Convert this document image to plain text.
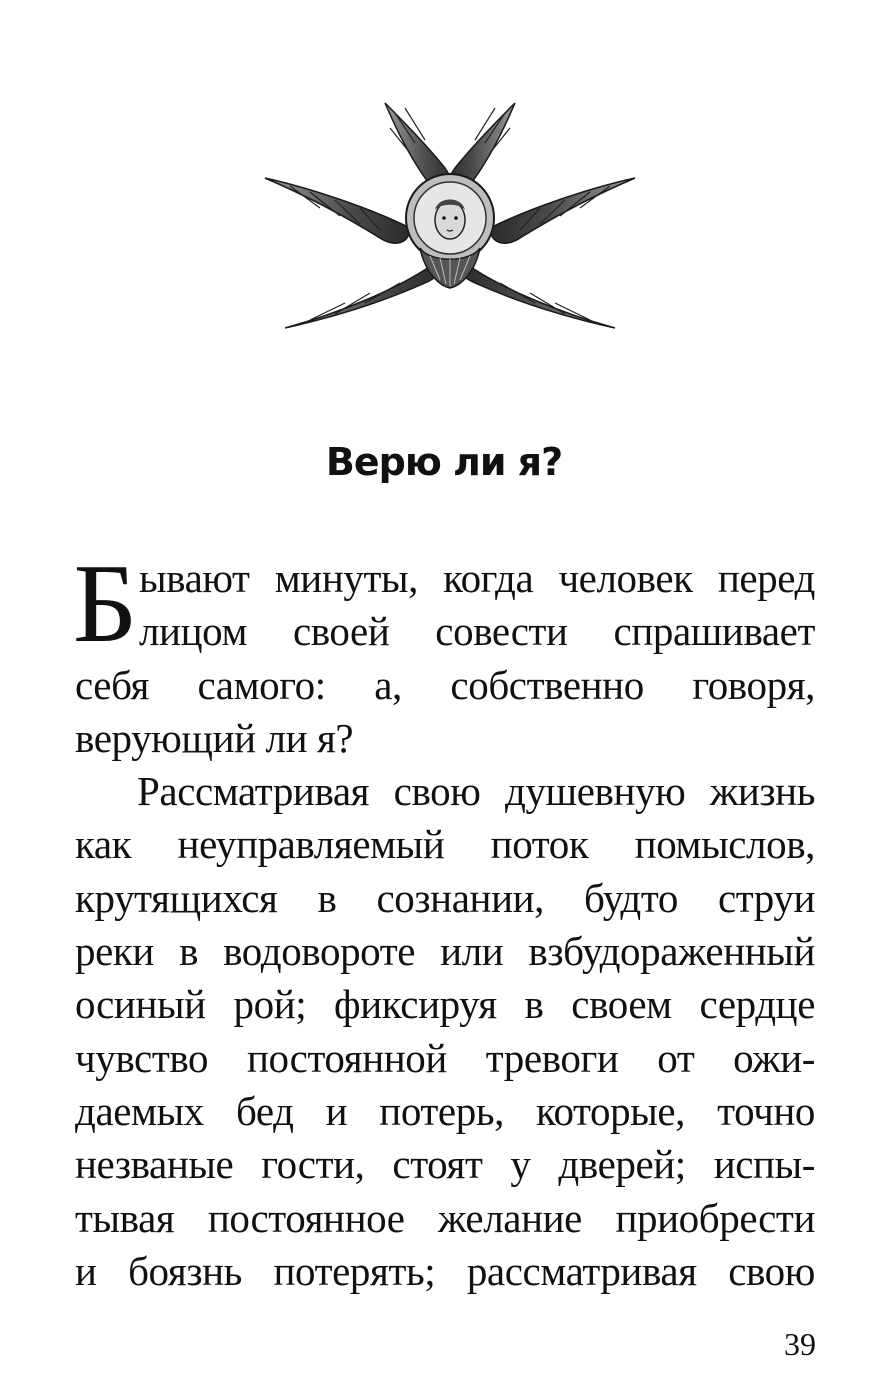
Верю ли я?
Б ывают минуты, когда человек перед
лицом своей совести спрашивает
себя самого: а, собственно говоря,
верующий ли я?
Рассматривая свою душевную жизнь
как неуправляемый поток помыслов,
крутящихся в сознании, будто струи
реки в водовороте или взбудораженный
осиный рой; фиксируя в своем сердце
чувство постоянной тревоги от ожи-
даемых бед и потерь, которые, точно
незваные гости, стоят у дверей; испы-
тывая постоянное желание приобрести
и боязнь потерять; рассматривая свою
39
